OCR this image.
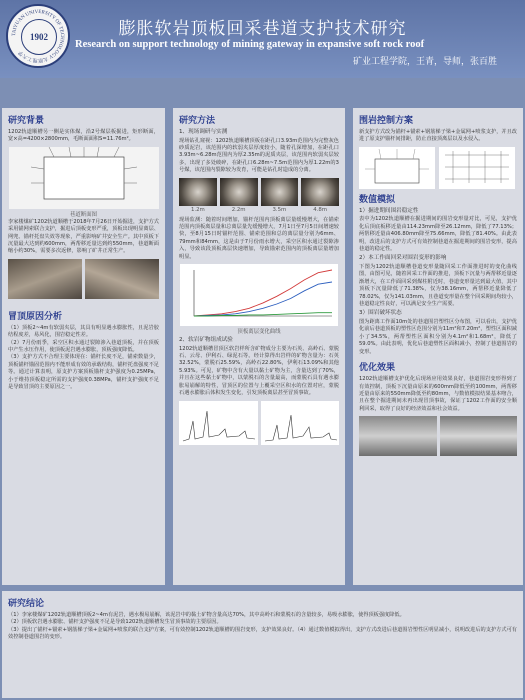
TAIYUAN UNIVERSITY OF TECHNOLOGY 太原理工大学
1902	膨胀软岩顶板回采巷道支护技术研究
Research on support technology of mining gateway in expansive soft rock roof
矿业工程学院，王青，导师，张百胜
研究背景

1202轨道顺槽另一侧是实体煤，沿2号煤层板掘进，矩形断面，宽×高=4200×2800mm，毛断面面积S=11.76m²。

巷道断面图

李家楼煤矿1202轨道顺槽于2018年7月26日开始掘进，支护方式采用锚网索联合支护，掘进后顶板变形严重，顶板出现明显离层、网兜、锚杆托盘失效等现象，严重影响矿井安全生产。其中顶板下沉量最大达到约600mm，两帮移近量达到约550mm，巷道断面缩小约30%，需要多次返修，影响了矿井正常生产。

冒顶原因分析

（1）顶板2~4m有软弱夹层，其具有明显遇水膨胀性，且泥岩胶结程度差，易风化，围岩稳定性差。

（2）7月份雨季，采空区积水通过裂隙渗入巷道顶板，并在顶板中产生水压作用，使顶板泥岩遇水膨胀，顶板强度降低。

（3）支护方式不合理主要体现在：锚杆长度不足，锚索数量少，顶板锚杆锚固范围内不能形成有效的承载结构，锚杆托盘强度不足等。通过计算表明，原支护方案顶板锚杆支护强度为0.25MPa，小于维持顶板稳定所需的支护强度0.38MPa，锚杆支护强度不足是导致冒顶的主要原因之一。

研究方法
1、现场调研与实测

现场钻孔窥视：1202轨道顺槽顶板在距孔口3.93m范围内为完整灰色砂质泥岩，该范围内的软弱夹层厚度较小，随着孔深增加，在距孔口3.93m~6.28m范围内为厚2.35m的泥质夹层，该范围内软弱夹层较多，出现了多处破碎，在距孔口6.28m~7.5m范围内为厚1.22m的3号煤，该范围内裂隙较为发育，可能是钻孔时造成的分离。

1.2m	2.2m	3.5m	4.8m

现场监测：随着时间增加，锚杆范围内顶板离层量缓慢增大，在锚索范围内顶板离层量和总离层量先缓慢增大，7月1日至7月5日间增速较快，至8月15日时锚杆范围、锚索范围和总的离层量分别为6mm、79mm和84mm，这是由于7月份雨水增大，采空区积水通过裂隙渗入，导致该段顶板离层快速增加，导致锚索范围内的顶板离层量增加明显。

顶板离层变化曲线
2、软岩矿物组成试验

1202轨道顺槽冒顶区软岩样所含矿物成分主要为石英、高岭石、蒙脱石、云母、伊利石、绿泥石等。经计算得出岩样的矿物含量为：石英32.52%，蒙脱石25.59%，高岭石22.80%，伊利石13.09%和其他5.93%。可见，矿物中含有大量以黏土矿物为主，含量达到了70%，并且在这些黏土矿物中，以蒙脱石的含量最高，而蒙脱石具有遇水膨胀易崩解的特性，冒顶区的位置与上覆采空区积水的位置对应，蒙脱石遇水膨胀后体积发生变化，引发顶板离层甚至冒顶事故。

围岩控制方案

新支护方式改为锚杆+锚索+钢筋梯子梁+金属网+喷浆支护，并且改进了原支护锚杆间排距，防止直接顶离层以及水侵入。

数值模拟
1）掘进期间围岩稳定性

表中为1202轨道顺槽在掘进期间的围岩变形量对比，可见，支护优化后顶底板移近量由114.23mm降至26.12mm，降低了77.13%；两帮移近量由406.80mm降至75.66mm，降低了81.40%。由此表明，改进后的支护方式可有效控制巷道在掘进期间的围岩变形，提高巷道的稳定性。

2）本工作面回采对围岩变形的影响

下图为1202轨道顺槽巷道变形量随回采工作面推进时的变化曲线图，由图可见，随着回采工作面的推进，顶板下沉量与两帮移近量逐渐增大，在工作面回采到煤柱附近时，巷道变形量达到最大值，其中顶板下沉量降低了71.38%，仅为38.16mm，两帮移近量降低了78.02%，仅为141.03mm，且巷道变形量在整个回采期间均较小，巷道稳定性良好，可以满足安全生产需要。

3）围岩破坏状态

图为距离工作面10m处的巷道围岩塑性区分布图，可以看出，支护优化前后巷道顶板的塑性区范围分别为11m²和7.20m²，塑性区面积减小了34.5%，两帮塑性区面积分别为4.1m²和1.68m²，降低了59.0%。由此表明，优化后巷道塑性区面积减小，控制了巷道围岩的变形。

优化效果

1202轨道顺槽支护优化后现场应用效果良好，巷道围岩变形得到了有效控制，顶板下沉量由原来的600mm降低至约100mm，两帮移近量由原来的550mm降低至约80mm，与数值模拟结果基本吻合，且在整个掘进期间未再出现冒顶事故，保证了1202工作面的安全顺利回采，取得了良好的经济效益和社会效益。

研究结论

（1）李家楼煤矿1202轨道顺槽顶板2~4m有泥岩，遇水极易崩解，该泥岩中的黏土矿物含量高达70%，其中高岭石和蒙脱石的含量较多，易吸水膨胀，使得顶板强度降低。

（2）顶板软岩遇水膨胀、锚杆支护强度不足是导致1202轨道顺槽发生冒顶事故的主要原因。

（3）提出了锚杆+锚索+钢筋梯子梁+金属网+喷浆的联合支护方案，可有效控制1202轨道顺槽的围岩变形，支护效果良好。（4）通过数值模拟得出，支护方式改进后巷道围岩塑性区明显减小，说明改进后的支护方式可有效控制巷道围岩的变形。
